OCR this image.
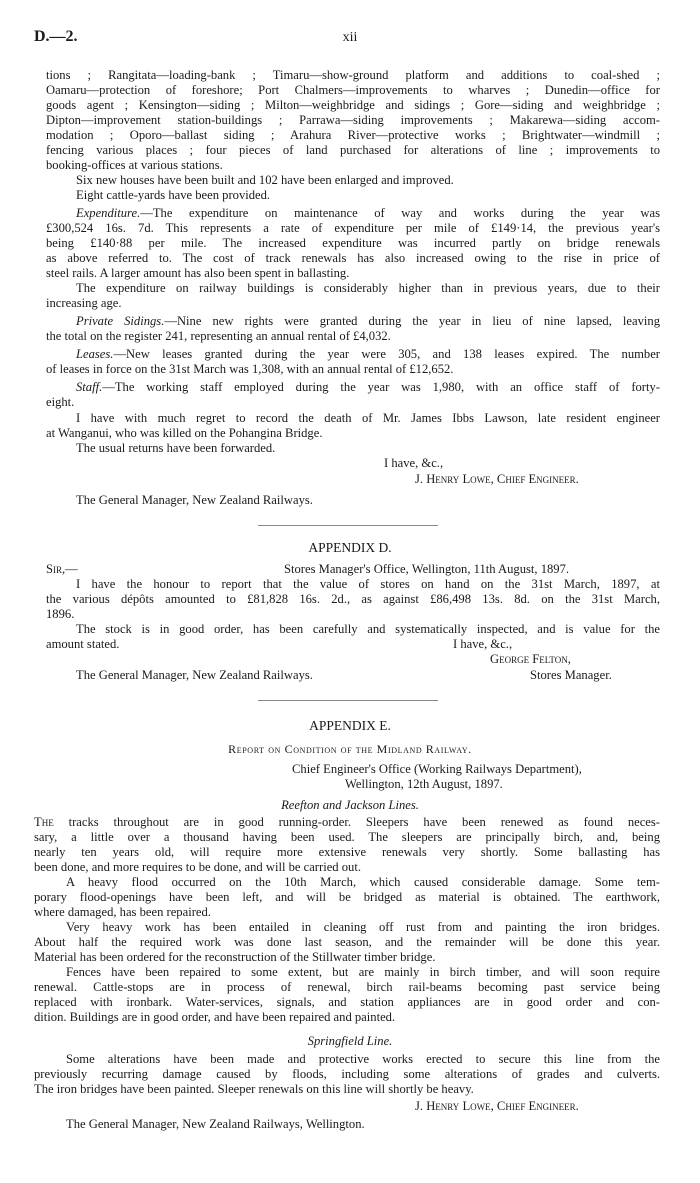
D.—2.	xii
tions ; Rangitata—loading-bank ; Timaru—show-ground platform and additions to coal-shed ;
Oamaru—protection of foreshore; Port Chalmers—improvements to wharves ; Dunedin—office for
goods agent ; Kensington—siding ; Milton—weighbridge and sidings ; Gore—siding and weighbridge ;
Dipton—improvement station-buildings ; Parrawa—siding improvements ; Makarewa—siding accom-
modation ; Oporo—ballast siding ; Arahura River—protective works ; Brightwater—windmill ;
fencing various places ; four pieces of land purchased for alterations of line ; improvements to
booking-offices at various stations.
Six new houses have been built and 102 have been enlarged and improved.
Eight cattle-yards have been provided.
Expenditure.—The expenditure on maintenance of way and works during the year was
£300,524 16s. 7d. This represents a rate of expenditure per mile of £149·14, the previous year's
being £140·88 per mile. The increased expenditure was incurred partly on bridge renewals
as above referred to. The cost of track renewals has also increased owing to the rise in price of
steel rails. A larger amount has also been spent in ballasting.
The expenditure on railway buildings is considerably higher than in previous years, due to their
increasing age.
Private Sidings.—Nine new rights were granted during the year in lieu of nine lapsed, leaving
the total on the register 241, representing an annual rental of £4,032.
Leases.—New leases granted during the year were 305, and 138 leases expired. The number
of leases in force on the 31st March was 1,308, with an annual rental of £12,652.
Staff.—The working staff employed during the year was 1,980, with an office staff of forty-
eight.
I have with much regret to record the death of Mr. James Ibbs Lawson, late resident engineer
at Wanganui, who was killed on the Pohangina Bridge.
The usual returns have been forwarded.
I have, &c.,
J. Henry Lowe, Chief Engineer.
The General Manager, New Zealand Railways.
APPENDIX D.
Sir,—	Stores Manager's Office, Wellington, 11th August, 1897.
I have the honour to report that the value of stores on hand on the 31st March, 1897, at
the various dépôts amounted to £81,828 16s. 2d., as against £86,498 13s. 8d. on the 31st March,
1896.
The stock is in good order, has been carefully and systematically inspected, and is value for the
amount stated.	I have, &c.,
George Felton,
Stores Manager.
The General Manager, New Zealand Railways.
APPENDIX E.
Report on Condition of the Midland Railway.
Chief Engineer's Office (Working Railways Department),
Wellington, 12th August, 1897.
Reefton and Jackson Lines.
The tracks throughout are in good running-order. Sleepers have been renewed as found neces-
sary, a little over a thousand having been used. The sleepers are principally birch, and, being
nearly ten years old, will require more extensive renewals very shortly. Some ballasting has
been done, and more requires to be done, and will be carried out.
A heavy flood occurred on the 10th March, which caused considerable damage. Some tem-
porary flood-openings have been left, and will be bridged as material is obtained. The earthwork,
where damaged, has been repaired.
Very heavy work has been entailed in cleaning off rust from and painting the iron bridges.
About half the required work was done last season, and the remainder will be done this year.
Material has been ordered for the reconstruction of the Stillwater timber bridge.
Fences have been repaired to some extent, but are mainly in birch timber, and will soon require
renewal. Cattle-stops are in process of renewal, birch rail-beams becoming past service being
replaced with ironbark. Water-services, signals, and station appliances are in good order and con-
dition. Buildings are in good order, and have been repaired and painted.
Springfield Line.
Some alterations have been made and protective works erected to secure this line from the
previously recurring damage caused by floods, including some alterations of grades and culverts.
The iron bridges have been painted. Sleeper renewals on this line will shortly be heavy.
J. Henry Lowe, Chief Engineer.
The General Manager, New Zealand Railways, Wellington.
